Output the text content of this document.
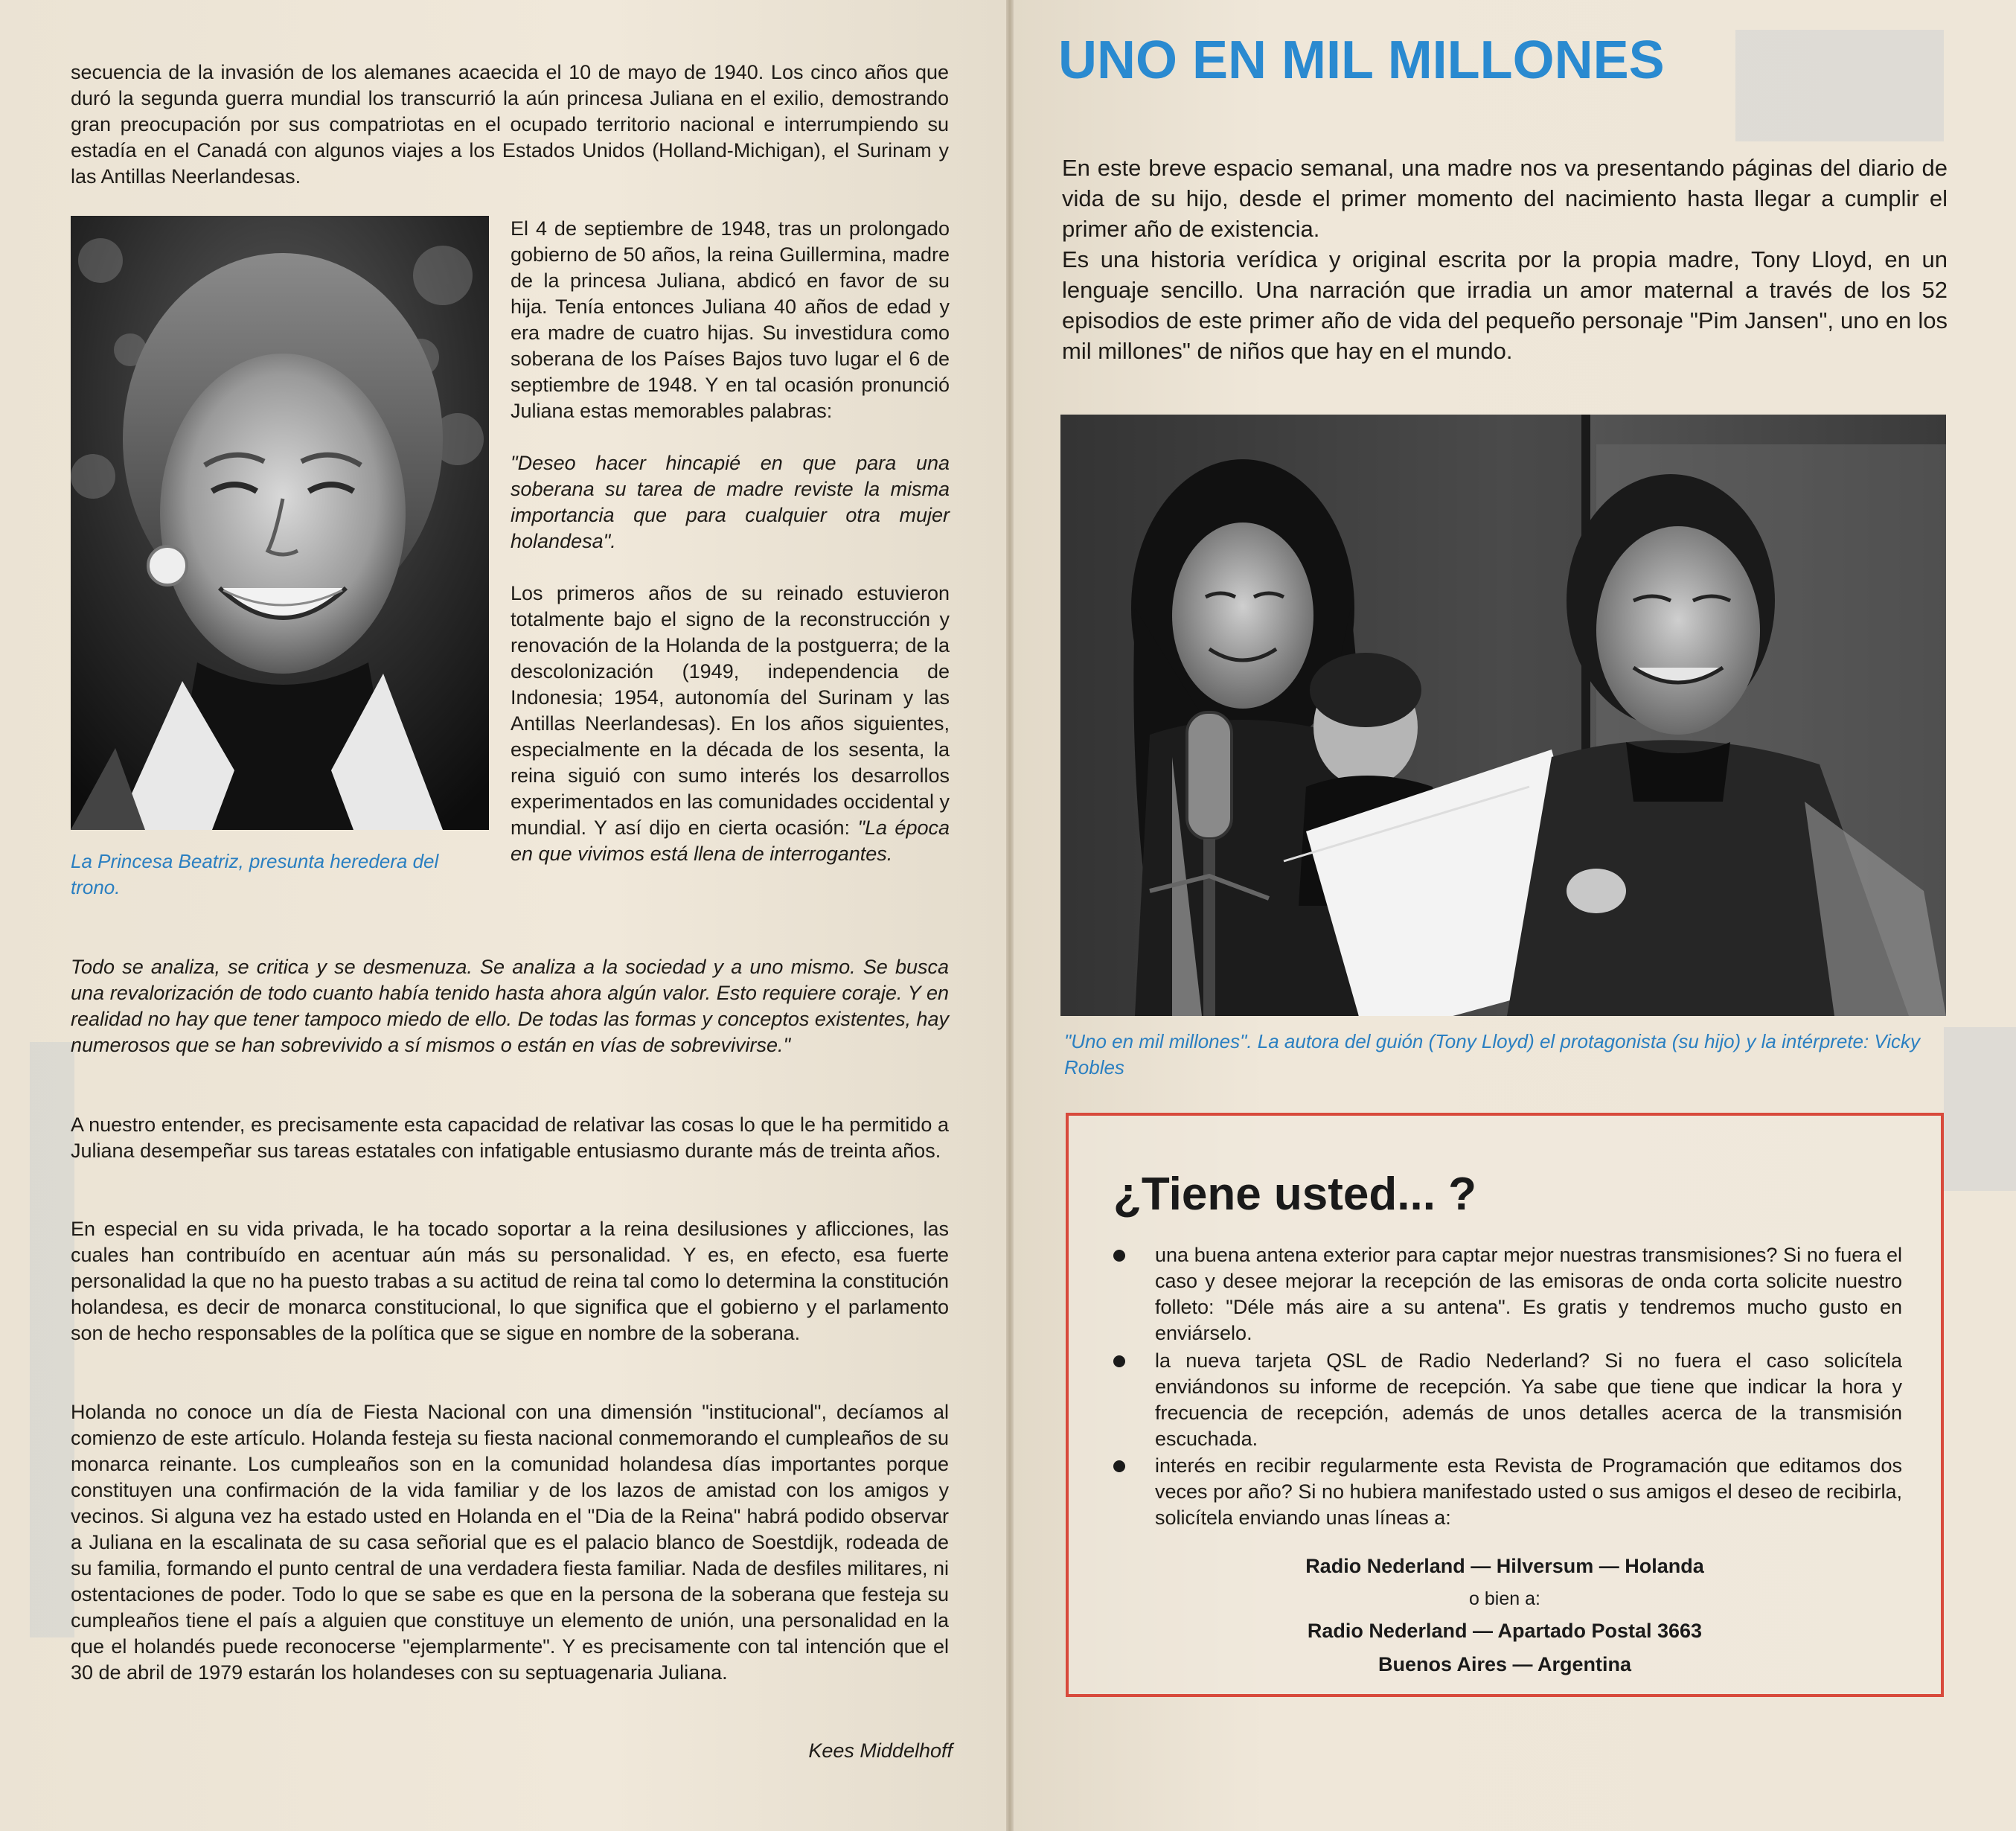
secuencia de la invasión de los alemanes acaecida el 10 de mayo de 1940. Los cinco años que duró la segunda guerra mundial los transcurrió la aún princesa Juliana en el exilio, demostrando gran preocupación por sus compatriotas en el ocupado territorio nacional e interrumpiendo su estadía en el Canadá con algunos viajes a los Estados Unidos (Holland-Michigan), el Surinam y las Antillas Neerlandesas.
La Princesa Beatriz, presunta heredera del trono.

El 4 de septiembre de 1948, tras un prolongado gobierno de 50 años, la reina Guillermina, madre de la princesa Juliana, abdicó en favor de su hija. Tenía entonces Juliana 40 años de edad y era madre de cuatro hijas. Su investidura como soberana de los Países Bajos tuvo lugar el 6 de septiembre de 1948. Y en tal ocasión pronunció Juliana estas memorables palabras:

"Deseo hacer hincapié en que para una soberana su tarea de madre reviste la misma importancia que para cualquier otra mujer holandesa".

Los primeros años de su reinado estuvieron totalmente bajo el signo de la reconstrucción y renovación de la Holanda de la postguerra; de la descolonización (1949, independencia de Indonesia; 1954, autonomía del Surinam y las Antillas Neerlandesas). En los años siguientes, especialmente en la década de los sesenta, la reina siguió con sumo interés los desarrollos experimentados en las comunidades occidental y mundial. Y así dijo en cierta ocasión: "La época en que vivimos está llena de interrogantes.

Todo se analiza, se critica y se desmenuza. Se analiza a la sociedad y a uno mismo. Se busca una revalorización de todo cuanto había tenido hasta ahora algún valor. Esto requiere coraje. Y en realidad no hay que tener tampoco miedo de ello. De todas las formas y conceptos existentes, hay numerosos que se han sobrevivido a sí mismos o están en vías de sobrevivirse."
A nuestro entender, es precisamente esta capacidad de relativar las cosas lo que le ha permitido a Juliana desempeñar sus tareas estatales con infatigable entusiasmo durante más de treinta años.
En especial en su vida privada, le ha tocado soportar a la reina desilusiones y aflicciones, las cuales han contribuído en acentuar aún más su personalidad. Y es, en efecto, esa fuerte personalidad la que no ha puesto trabas a su actitud de reina tal como lo determina la constitución holandesa, es decir de monarca constitucional, lo que significa que el gobierno y el parlamento son de hecho responsables de la política que se sigue en nombre de la soberana.
Holanda no conoce un día de Fiesta Nacional con una dimensión "institucional", decíamos al comienzo de este artículo. Holanda festeja su fiesta nacional conmemorando el cumpleaños de su monarca reinante. Los cumpleaños son en la comunidad holandesa días importantes porque constituyen una confirmación de la vida familiar y de los lazos de amistad con los amigos y vecinos. Si alguna vez ha estado usted en Holanda en el "Dia de la Reina" habrá podido observar a Juliana en la escalinata de su casa señorial que es el palacio blanco de Soestdijk, rodeada de su familia, formando el punto central de una verdadera fiesta familiar. Nada de desfiles militares, ni ostentaciones de poder. Todo lo que se sabe es que en la persona de la soberana que festeja su cumpleaños tiene el país a alguien que constituye un elemento de unión, una personalidad en la que el holandés puede reconocerse "ejemplarmente". Y es precisamente con tal intención que el 30 de abril de 1979 estarán los holandeses con su septuagenaria Juliana.
Kees Middelhoff
UNO EN MIL MILLONES
En este breve espacio semanal, una madre nos va presentando páginas del diario de vida de su hijo, desde el primer momento del nacimiento hasta llegar a cumplir el primer año de existencia.
Es una historia verídica y original escrita por la propia madre, Tony Lloyd, en un lenguaje sencillo. Una narración que irradia un amor maternal a través de los 52 episodios de este primer año de vida del pequeño personaje "Pim Jansen", uno en los mil millones" de niños que hay en el mundo.
"Uno en mil millones". La autora del guión (Tony Lloyd) el protagonista (su hijo) y la intérprete: Vicky Robles
¿Tiene usted... ?
una buena antena exterior para captar mejor nuestras transmisiones? Si no fuera el caso y desee mejorar la recepción de las emisoras de onda corta solicite nuestro folleto: "Déle más aire a su antena". Es gratis y tendremos mucho gusto en enviárselo.
la nueva tarjeta QSL de Radio Nederland? Si no fuera el caso solicítela enviándonos su informe de recepción. Ya sabe que tiene que indicar la hora y frecuencia de recepción, además de unos detalles acerca de la transmisión escuchada.
interés en recibir regularmente esta Revista de Programación que editamos dos veces por año? Si no hubiera manifestado usted o sus amigos el deseo de recibirla, solicítela enviando unas líneas a:
Radio Nederland — Hilversum — Holanda
o bien a:
Radio Nederland — Apartado Postal 3663
Buenos Aires — Argentina
